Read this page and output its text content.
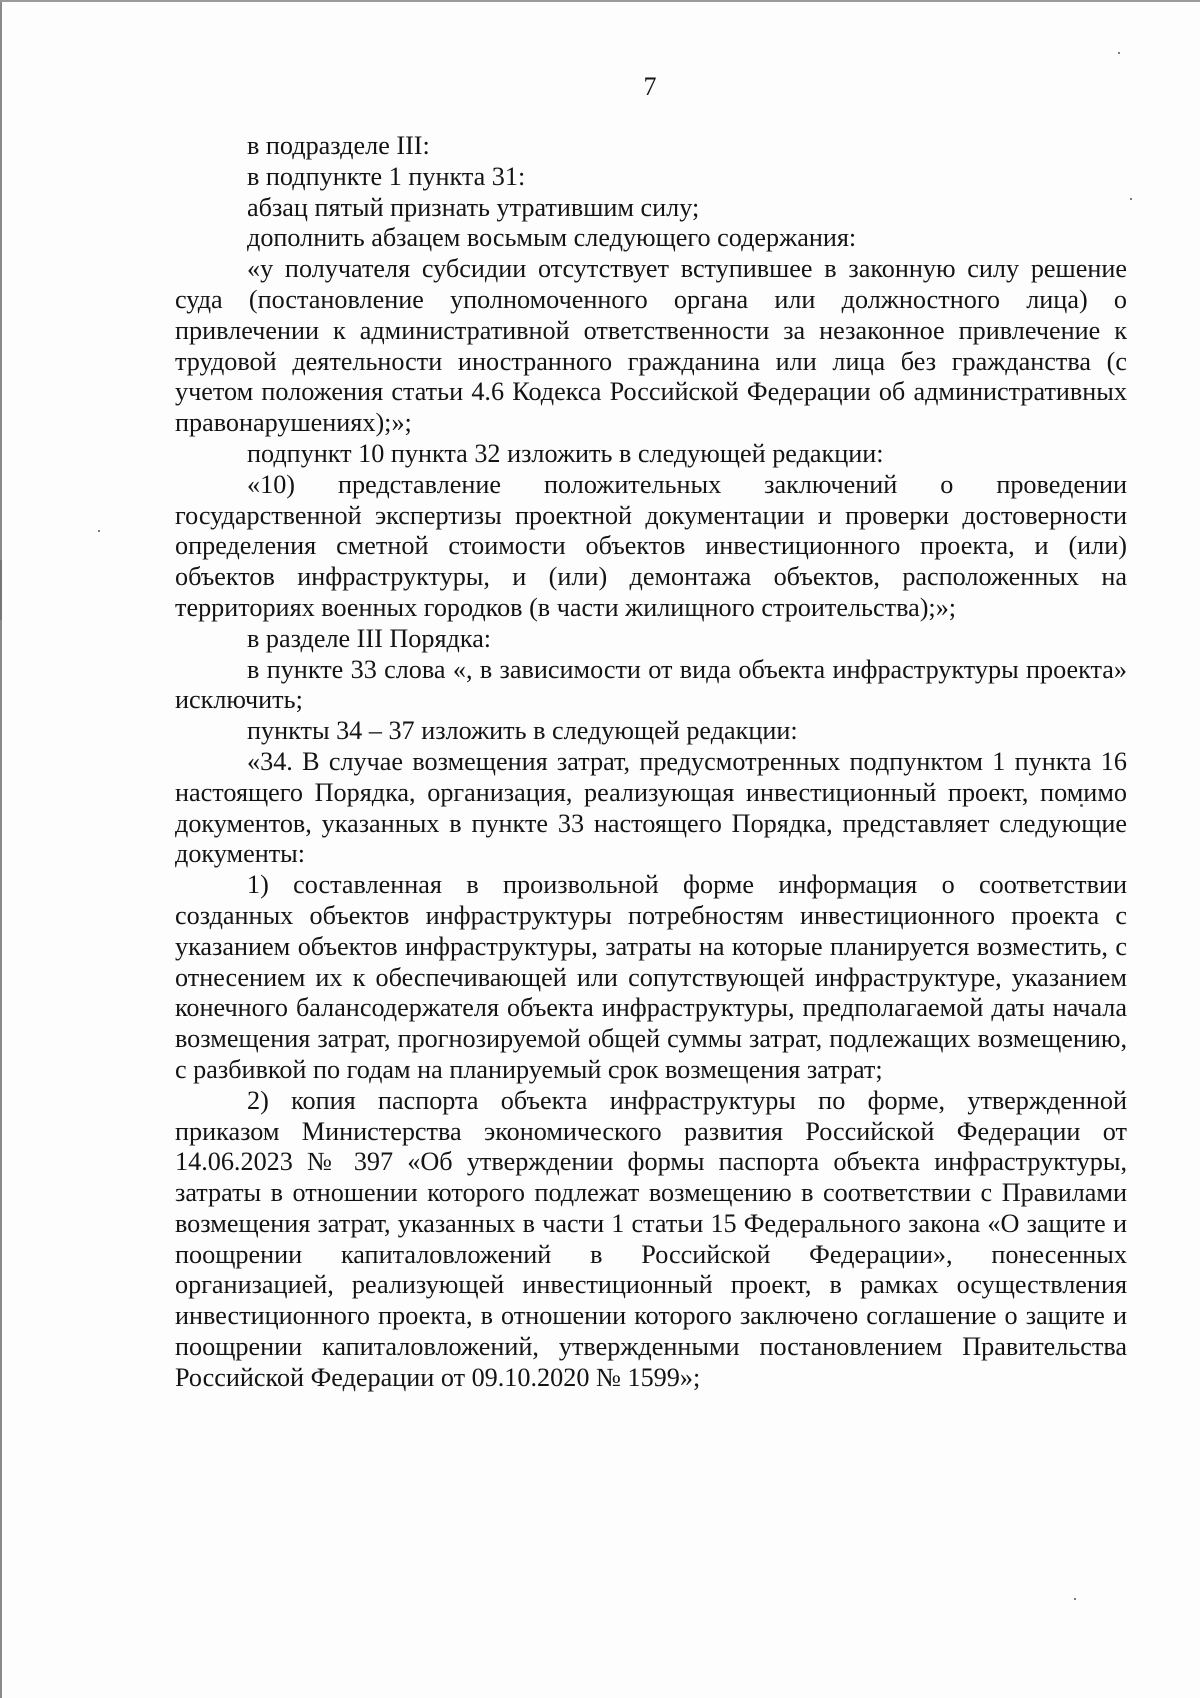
7

в подразделе III:

в подпункте 1 пункта 31:

абзац пятый признать утратившим силу;

дополнить абзацем восьмым следующего содержания:

«у получателя субсидии отсутствует вступившее в законную силу решение суда (постановление уполномоченного органа или должностного лица) о привлечении к административной ответственности за незаконное привлечение к трудовой деятельности иностранного гражданина или лица без гражданства (с учетом положения статьи 4.6 Кодекса Российской Федерации об административных правонарушениях);»;

подпункт 10 пункта 32 изложить в следующей редакции:

«10) представление положительных заключений о проведении государственной экспертизы проектной документации и проверки достоверности определения сметной стоимости объектов инвестиционного проекта, и (или) объектов инфраструктуры, и (или) демонтажа объектов, расположенных на территориях военных городков (в части жилищного строительства);»;

в разделе III Порядка:

в пункте 33 слова «, в зависимости от вида объекта инфраструктуры проекта» исключить;

пункты 34 – 37 изложить в следующей редакции:

«34. В случае возмещения затрат, предусмотренных подпунктом 1 пункта 16 настоящего Порядка, организация, реализующая инвестиционный проект, помимо документов, указанных в пункте 33 настоящего Порядка, представляет следующие документы:

1) составленная в произвольной форме информация о соответствии созданных объектов инфраструктуры потребностям инвестиционного проекта с указанием объектов инфраструктуры, затраты на которые планируется возместить, с отнесением их к обеспечивающей или сопутствующей инфраструктуре, указанием конечного балансодержателя объекта инфраструктуры, предполагаемой даты начала возмещения затрат, прогнозируемой общей суммы затрат, подлежащих возмещению, с разбивкой по годам на планируемый срок возмещения затрат;

2) копия паспорта объекта инфраструктуры по форме, утвержденной приказом Министерства экономического развития Российской Федерации от 14.06.2023 № 397 «Об утверждении формы паспорта объекта инфраструктуры, затраты в отношении которого подлежат возмещению в соответствии с Правилами возмещения затрат, указанных в части 1 статьи 15 Федерального закона «О защите и поощрении капиталовложений в Российской Федерации», понесенных организацией, реализующей инвестиционный проект, в рамках осуществления инвестиционного проекта, в отношении которого заключено соглашение о защите и поощрении капиталовложений, утвержденными постановлением Правительства Российской Федерации от 09.10.2020 № 1599»;
